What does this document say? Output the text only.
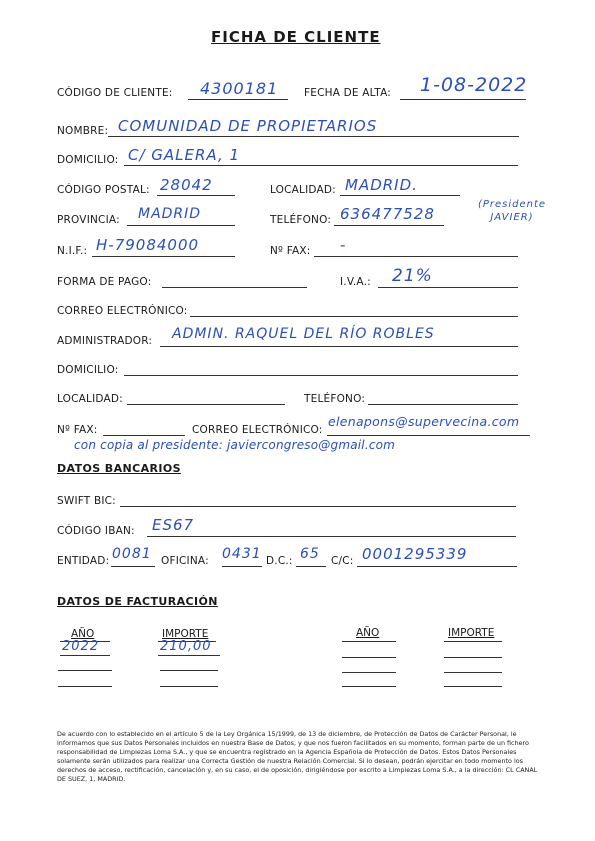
FICHA DE CLIENTE
CÓDIGO DE CLIENTE: 4300181 FECHA DE ALTA: 1-08-2022
NOMBRE: COMUNIDAD DE PROPIETARIOS
DOMICILIO: C/ GALERA, 1
CÓDIGO POSTAL: 28042	LOCALIDAD: MADRID.
PROVINCIA: MADRID	TELÉFONO: 636477528
(Presidente JAVIER)
N.I.F.: H-79084000	Nº FAX: -
FORMA DE PAGO:	I.V.A.: 21%
CORREO ELECTRÓNICO:
ADMINISTRADOR: ADMIN. RAQUEL DEL RÍO ROBLES
DOMICILIO:
LOCALIDAD:	TELÉFONO:
Nº FAX:	CORREO ELECTRÓNICO:
elenapons@supervecina.com
con copia al presidente: javiercongreso@gmail.com
DATOS BANCARIOS
SWIFT BIC:
CÓDIGO IBAN: ES67
ENTIDAD: 0081 OFICINA: 0431 D.C.: 65 C/C: 0001295339
DATOS DE FACTURACIÓN
AÑO	IMPORTE	AÑO	IMPORTE
2022	210,00
De acuerdo con lo establecido en el artículo 5 de la Ley Orgánica 15/1999, de 13 de diciembre, de Protección de Datos de Carácter Personal, le informamos que sus Datos Personales incluidos en nuestra Base de Datos, y que nos fueron facilitados en su momento, forman parte de un fichero responsabilidad de Limpiezas Loma S.A., y que se encuentra registrado en la Agencia Española de Protección de Datos. Estos Datos Personales solamente serán utilizados para realizar una Correcta Gestión de nuestra Relación Comercial. Si lo desean, podrán ejercitar en todo momento los derechos de acceso, rectificación, cancelación y, en su caso, el de oposición, dirigiéndose por escrito a Limpiezas Loma S.A., a la dirección: CL CANAL DE SUEZ, 1, MADRID.
